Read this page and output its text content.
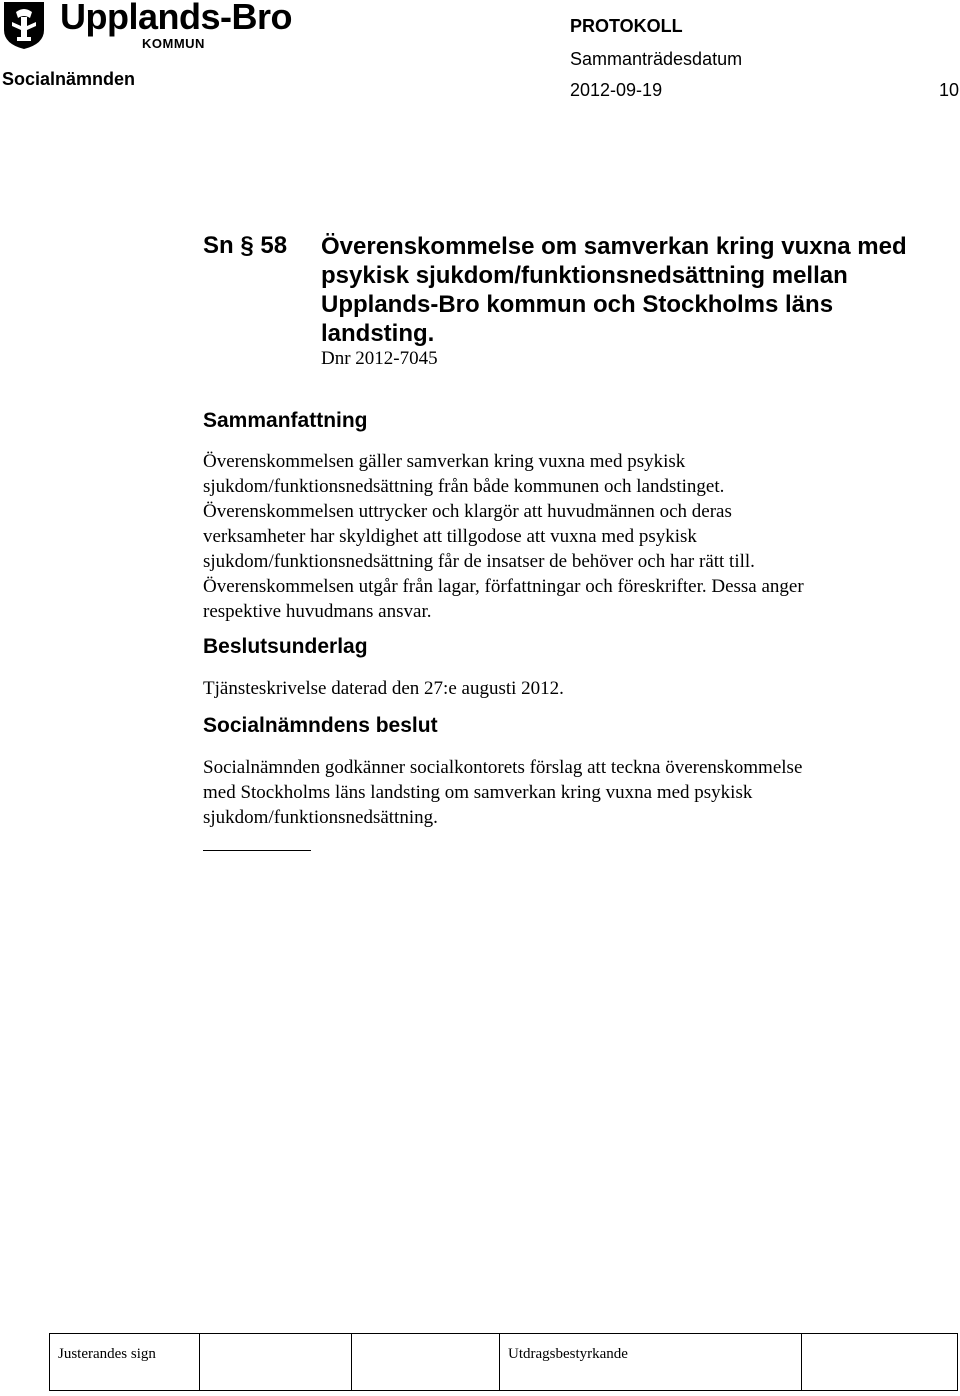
Upplands-Bro
KOMMUN
Socialnämnden
PROTOKOLL
Sammanträdesdatum
2012-09-19	10
Sn § 58 Överenskommelse om samverkan kring vuxna med psykisk sjukdom/funktionsnedsättning mellan Upplands-Bro kommun och Stockholms läns landsting.
Dnr 2012-7045
Sammanfattning
Överenskommelsen gäller samverkan kring vuxna med psykisk
sjukdom/funktionsnedsättning från både kommunen och landstinget.
Överenskommelsen uttrycker och klargör att huvudmännen och deras
verksamheter har skyldighet att tillgodose att vuxna med psykisk
sjukdom/funktionsnedsättning får de insatser de behöver och har rätt till.
Överenskommelsen utgår från lagar, författningar och föreskrifter. Dessa anger
respektive huvudmans ansvar.
Beslutsunderlag
Tjänsteskrivelse daterad den 27:e augusti 2012.
Socialnämndens beslut
Socialnämnden godkänner socialkontorets förslag att teckna överenskommelse
med Stockholms läns landsting om samverkan kring vuxna med psykisk
sjukdom/funktionsnedsättning.
Justerandes sign	Utdragsbestyrkande
